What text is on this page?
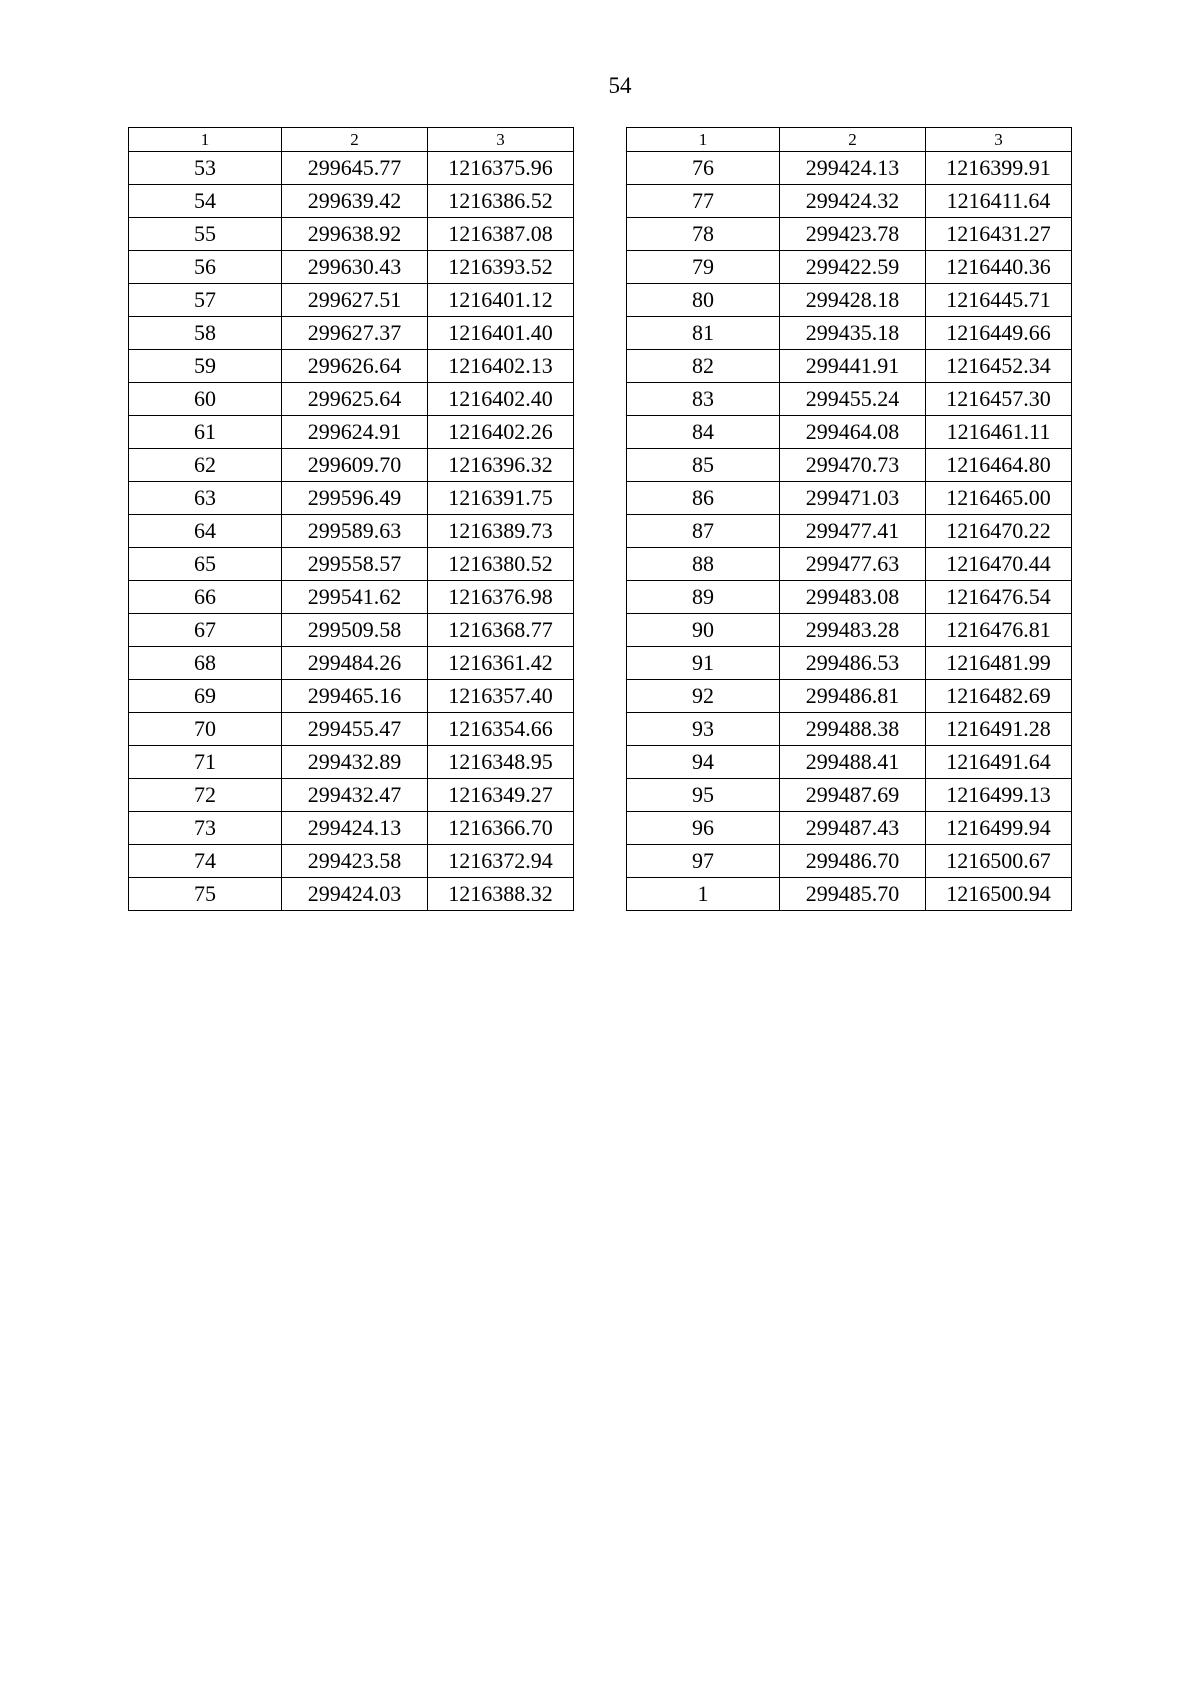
54
1	2	3
53	299645.77	1216375.96
54	299639.42	1216386.52
55	299638.92	1216387.08
56	299630.43	1216393.52
57	299627.51	1216401.12
58	299627.37	1216401.40
59	299626.64	1216402.13
60	299625.64	1216402.40
61	299624.91	1216402.26
62	299609.70	1216396.32
63	299596.49	1216391.75
64	299589.63	1216389.73
65	299558.57	1216380.52
66	299541.62	1216376.98
67	299509.58	1216368.77
68	299484.26	1216361.42
69	299465.16	1216357.40
70	299455.47	1216354.66
71	299432.89	1216348.95
72	299432.47	1216349.27
73	299424.13	1216366.70
74	299423.58	1216372.94
75	299424.03	1216388.32
1	2	3
76	299424.13	1216399.91
77	299424.32	1216411.64
78	299423.78	1216431.27
79	299422.59	1216440.36
80	299428.18	1216445.71
81	299435.18	1216449.66
82	299441.91	1216452.34
83	299455.24	1216457.30
84	299464.08	1216461.11
85	299470.73	1216464.80
86	299471.03	1216465.00
87	299477.41	1216470.22
88	299477.63	1216470.44
89	299483.08	1216476.54
90	299483.28	1216476.81
91	299486.53	1216481.99
92	299486.81	1216482.69
93	299488.38	1216491.28
94	299488.41	1216491.64
95	299487.69	1216499.13
96	299487.43	1216499.94
97	299486.70	1216500.67
1	299485.70	1216500.94
